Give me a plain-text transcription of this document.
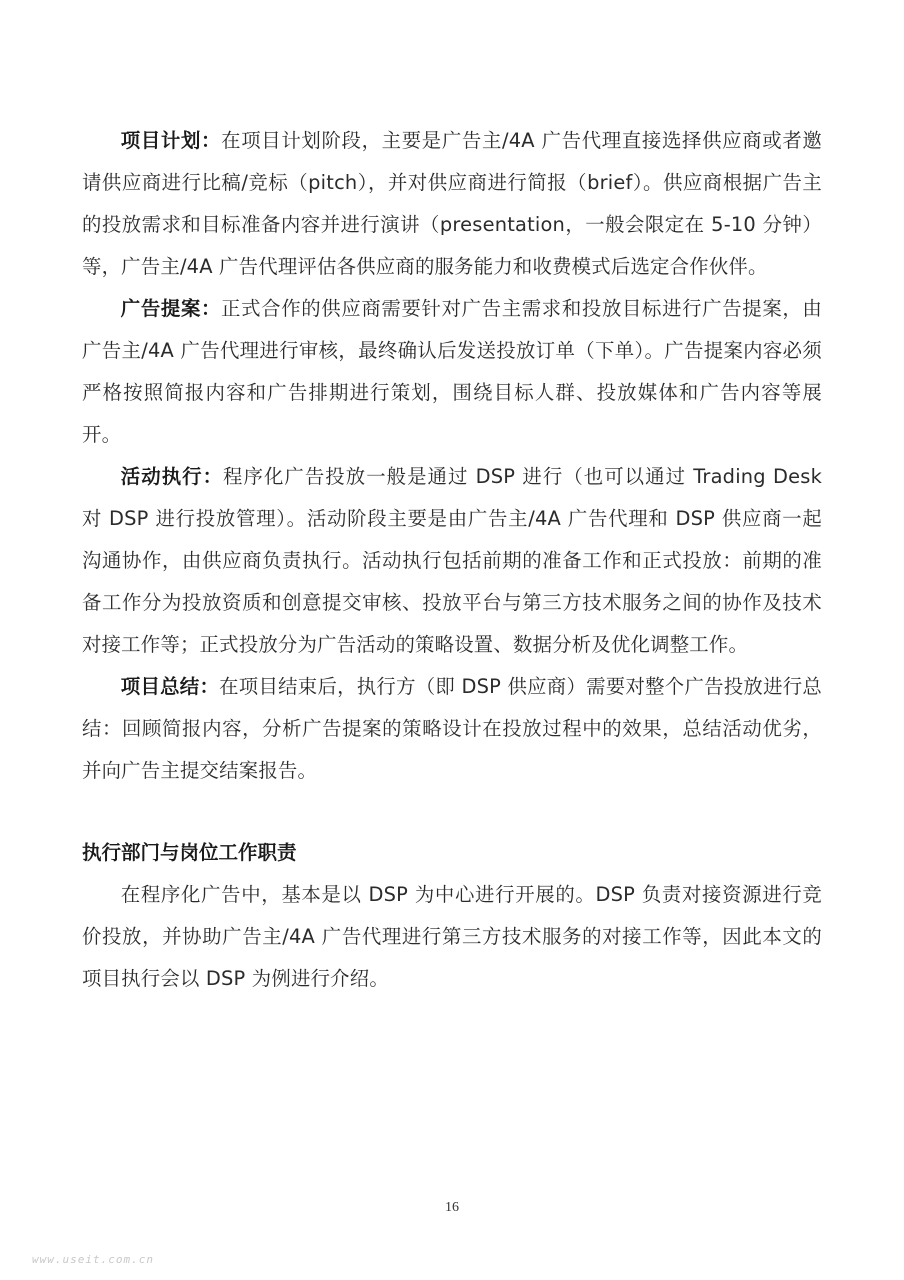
项目计划：在项目计划阶段，主要是广告主/4A 广告代理直接选择供应商或者邀请供应商进行比稿/竞标（pitch），并对供应商进行简报（brief）。供应商根据广告主的投放需求和目标准备内容并进行演讲（presentation，一般会限定在 5-10 分钟）等，广告主/4A 广告代理评估各供应商的服务能力和收费模式后选定合作伙伴。

广告提案：正式合作的供应商需要针对广告主需求和投放目标进行广告提案，由广告主/4A 广告代理进行审核，最终确认后发送投放订单（下单）。广告提案内容必须严格按照简报内容和广告排期进行策划，围绕目标人群、投放媒体和广告内容等展开。

活动执行：程序化广告投放一般是通过 DSP 进行（也可以通过 Trading Desk 对 DSP 进行投放管理）。活动阶段主要是由广告主/4A 广告代理和 DSP 供应商一起沟通协作，由供应商负责执行。活动执行包括前期的准备工作和正式投放：前期的准备工作分为投放资质和创意提交审核、投放平台与第三方技术服务之间的协作及技术对接工作等；正式投放分为广告活动的策略设置、数据分析及优化调整工作。

项目总结：在项目结束后，执行方（即 DSP 供应商）需要对整个广告投放进行总结：回顾简报内容，分析广告提案的策略设计在投放过程中的效果，总结活动优劣，并向广告主提交结案报告。

执行部门与岗位工作职责

在程序化广告中，基本是以 DSP 为中心进行开展的。DSP 负责对接资源进行竞价投放，并协助广告主/4A 广告代理进行第三方技术服务的对接工作等，因此本文的项目执行会以 DSP 为例进行介绍。

16
www.useit.com.cn
